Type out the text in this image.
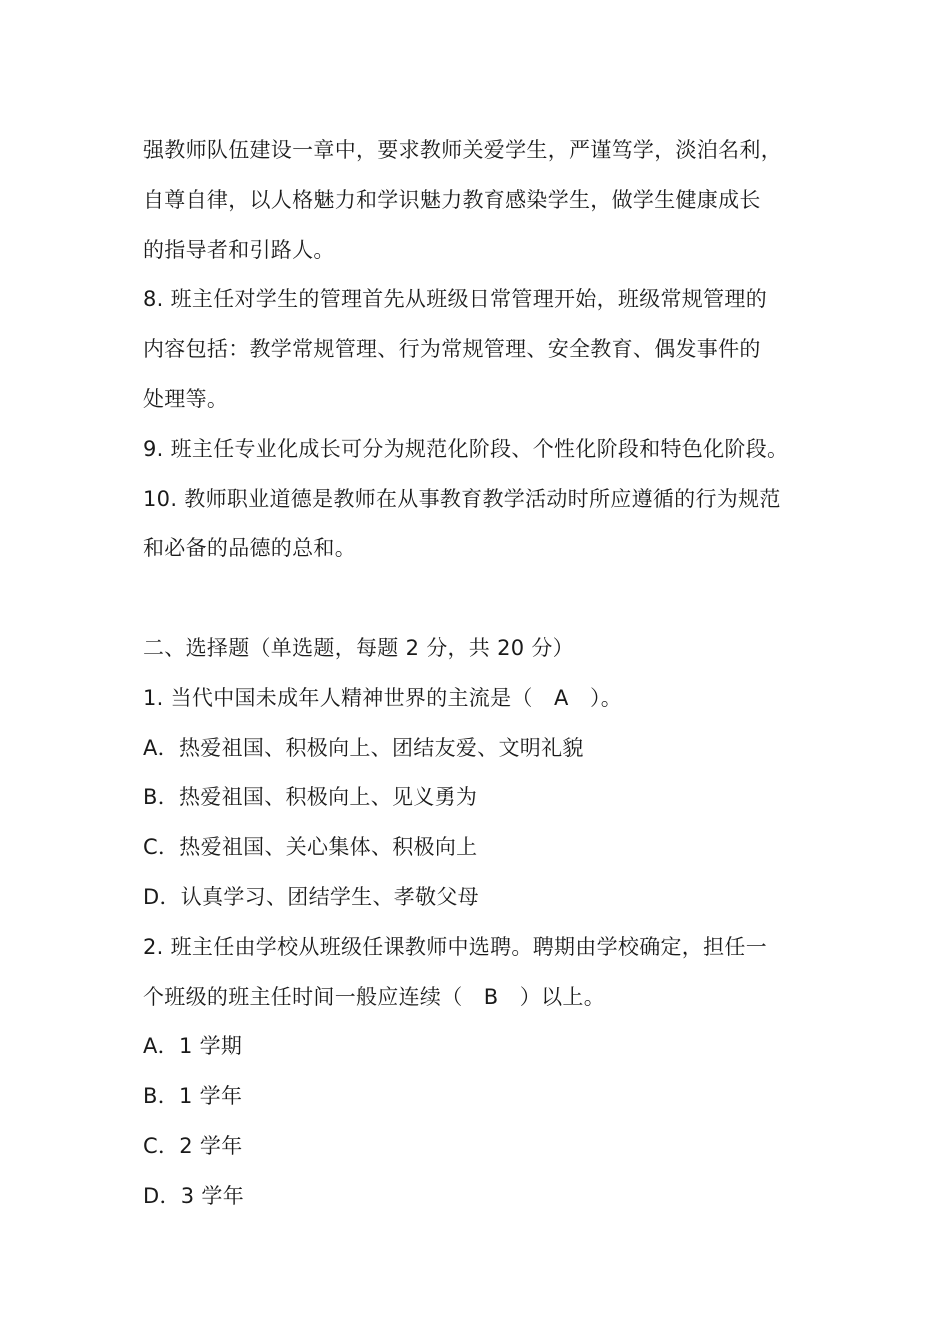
强教师队伍建设一章中，要求教师关爱学生，严谨笃学，淡泊名利，
自尊自律，以人格魅力和学识魅力教育感染学生，做学生健康成长
的指导者和引路人。
8. 班主任对学生的管理首先从班级日常管理开始，班级常规管理的
内容包括：教学常规管理、行为常规管理、安全教育、偶发事件的
处理等。
9. 班主任专业化成长可分为规范化阶段、个性化阶段和特色化阶段。
10. 教师职业道德是教师在从事教育教学活动时所应遵循的行为规范
和必备的品德的总和。
二、选择题（单选题，每题 2 分，共 20 分）
1. 当代中国未成年人精神世界的主流是（　A　）。
A．热爱祖国、积极向上、团结友爱、文明礼貌
B．热爱祖国、积极向上、见义勇为
C．热爱祖国、关心集体、积极向上
D．认真学习、团结学生、孝敬父母
2. 班主任由学校从班级任课教师中选聘。聘期由学校确定，担任一
个班级的班主任时间一般应连续（　B　）以上。
A．1 学期
B．1 学年
C．2 学年
D．3 学年
